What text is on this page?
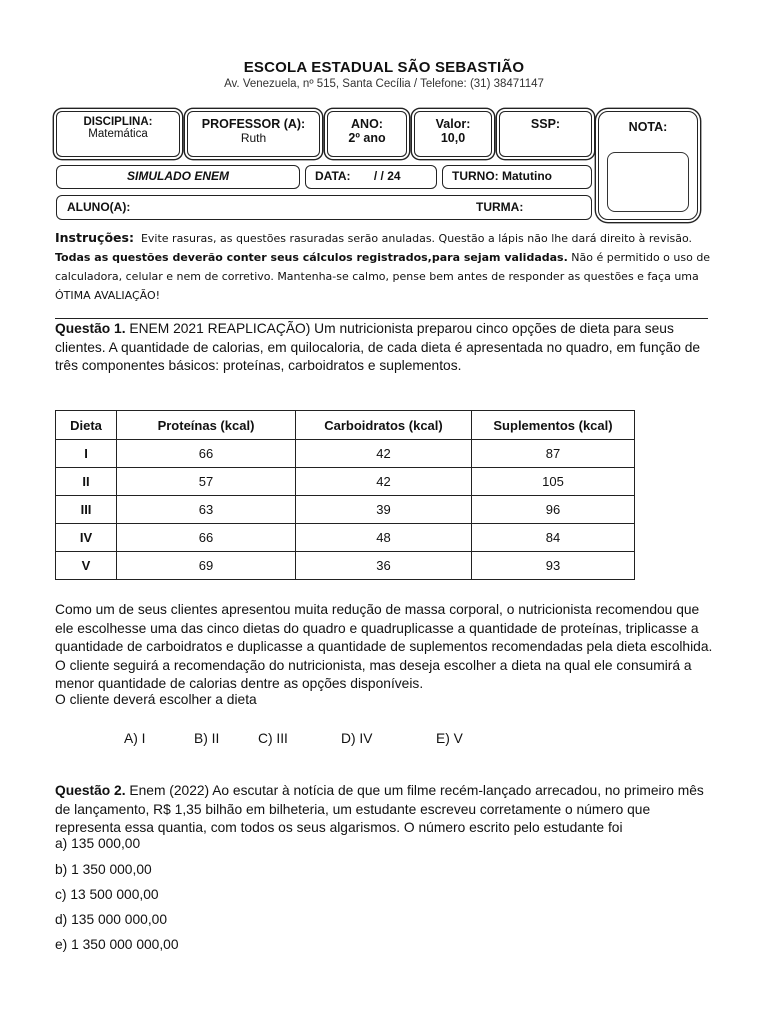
ESCOLA ESTADUAL SÃO SEBASTIÃO
Av. Venezuela, nº 515, Santa Cecília / Telefone: (31) 38471147
DISCIPLINA:
Matemática
PROFESSOR (A):
Ruth
ANO:
2º ano
Valor:
10,0
SSP:	NOTA:
SIMULADO ENEM	DATA: / / 24	TURNO: Matutino
ALUNO(A):	TURMA:
Instruções: Evite rasuras, as questões rasuradas serão anuladas. Questão a lápis não lhe dará direito à revisão. Todas as questões deverão conter seus cálculos registrados,para sejam validadas. Não é permitido o uso de calculadora, celular e nem de corretivo. Mantenha-se calmo, pense bem antes de responder as questões e faça uma ÓTIMA AVALIAÇÃO!
Questão 1. ENEM 2021 REAPLICAÇÃO) Um nutricionista preparou cinco opções de dieta para seus clientes. A quantidade de calorias, em quilocaloria, de cada dieta é apresentada no quadro, em função de três componentes básicos: proteínas, carboidratos e suplementos.
Dieta	Proteínas (kcal)	Carboidratos (kcal)	Suplementos (kcal)
I	66	42	87
II	57	42	105
III	63	39	96
IV	66	48	84
V	69	36	93
Como um de seus clientes apresentou muita redução de massa corporal, o nutricionista recomendou que ele escolhesse uma das cinco dietas do quadro e quadruplicasse a quantidade de proteínas, triplicasse a quantidade de carboidratos e duplicasse a quantidade de suplementos recomendadas pela dieta escolhida. O cliente seguirá a recomendação do nutricionista, mas deseja escolher a dieta na qual ele consumirá a menor quantidade de calorias dentre as opções disponíveis.
O cliente deverá escolher a dieta
A) I	B) II	C) III	D) IV	E) V
Questão 2. Enem (2022) Ao escutar à notícia de que um filme recém-lançado arrecadou, no primeiro mês de lançamento, R$ 1,35 bilhão em bilheteria, um estudante escreveu corretamente o número que representa essa quantia, com todos os seus algarismos. O número escrito pelo estudante foi
a) 135 000,00
b) 1 350 000,00
c) 13 500 000,00
d) 135 000 000,00
e) 1 350 000 000,00
